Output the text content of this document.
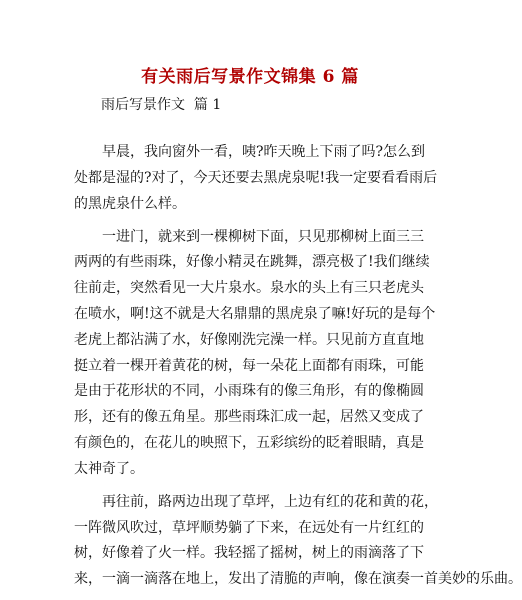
有关雨后写景作文锦集 6 篇

雨后写景作文  篇 1

早晨，我向窗外一看，咦?昨天晚上下雨了吗?怎么到
处都是湿的?对了，今天还要去黑虎泉呢!我一定要看看雨后
的黑虎泉什么样。
一进门，就来到一棵柳树下面，只见那柳树上面三三
两两的有些雨珠，好像小精灵在跳舞，漂亮极了!我们继续
往前走，突然看见一大片泉水。泉水的头上有三只老虎头
在喷水，啊!这不就是大名鼎鼎的黑虎泉了嘛!好玩的是每个
老虎上都沾满了水，好像刚洗完澡一样。只见前方直直地
挺立着一棵开着黄花的树，每一朵花上面都有雨珠，可能
是由于花形状的不同，小雨珠有的像三角形，有的像椭圆
形，还有的像五角星。那些雨珠汇成一起，居然又变成了
有颜色的，在花儿的映照下，五彩缤纷的眨着眼睛，真是
太神奇了。
再往前，路两边出现了草坪，上边有红的花和黄的花，
一阵微风吹过，草坪顺势躺了下来，在远处有一片红红的
树，好像着了火一样。我轻摇了摇树，树上的雨滴落了下
来，一滴一滴落在地上，发出了清脆的声响，像在演奏一首美妙的乐曲。
